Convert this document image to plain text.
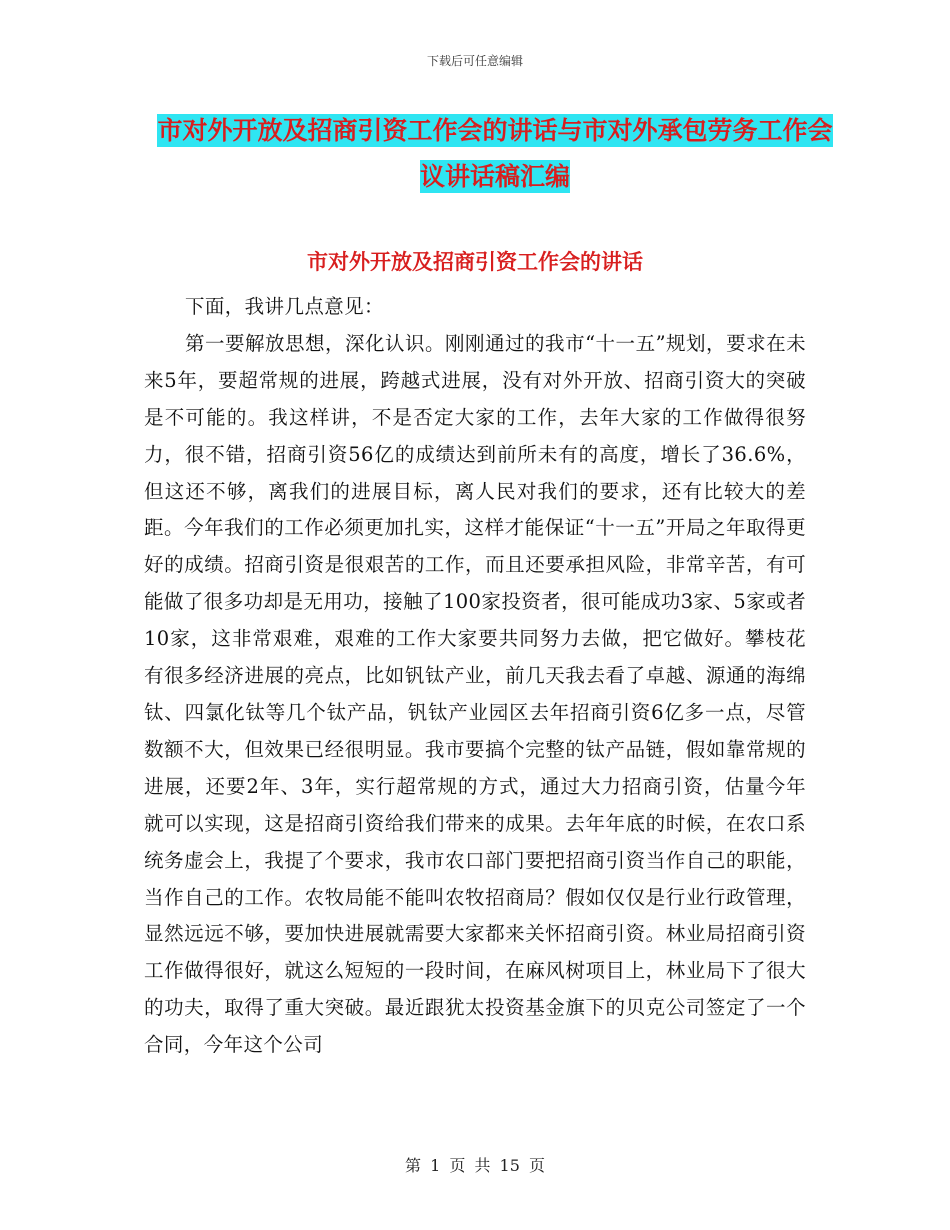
下载后可任意编辑
市对外开放及招商引资工作会的讲话与市对外承包劳务工作会议讲话稿汇编
市对外开放及招商引资工作会的讲话

下面，我讲几点意见：

第一要解放思想，深化认识。刚刚通过的我市“十一五”规划，要求在未来5年，要超常规的进展，跨越式进展，没有对外开放、招商引资大的突破是不可能的。我这样讲，不是否定大家的工作，去年大家的工作做得很努力，很不错，招商引资56亿的成绩达到前所未有的高度，增长了36.6%，但这还不够，离我们的进展目标，离人民对我们的要求，还有比较大的差距。今年我们的工作必须更加扎实，这样才能保证“十一五”开局之年取得更好的成绩。招商引资是很艰苦的工作，而且还要承担风险，非常辛苦，有可能做了很多功却是无用功，接触了100家投资者，很可能成功3家、5家或者10家，这非常艰难，艰难的工作大家要共同努力去做，把它做好。攀枝花有很多经济进展的亮点，比如钒钛产业，前几天我去看了卓越、源通的海绵钛、四氯化钛等几个钛产品，钒钛产业园区去年招商引资6亿多一点，尽管数额不大，但效果已经很明显。我市要搞个完整的钛产品链，假如靠常规的进展，还要2年、3年，实行超常规的方式，通过大力招商引资，估量今年就可以实现，这是招商引资给我们带来的成果。去年年底的时候，在农口系统务虚会上，我提了个要求，我市农口部门要把招商引资当作自己的职能，当作自己的工作。农牧局能不能叫农牧招商局？假如仅仅是行业行政管理，显然远远不够，要加快进展就需要大家都来关怀招商引资。林业局招商引资工作做得很好，就这么短短的一段时间，在麻风树项目上，林业局下了很大的功夫，取得了重大突破。最近跟犹太投资基金旗下的贝克公司签定了一个合同，今年这个公司

第 1 页 共 15 页
